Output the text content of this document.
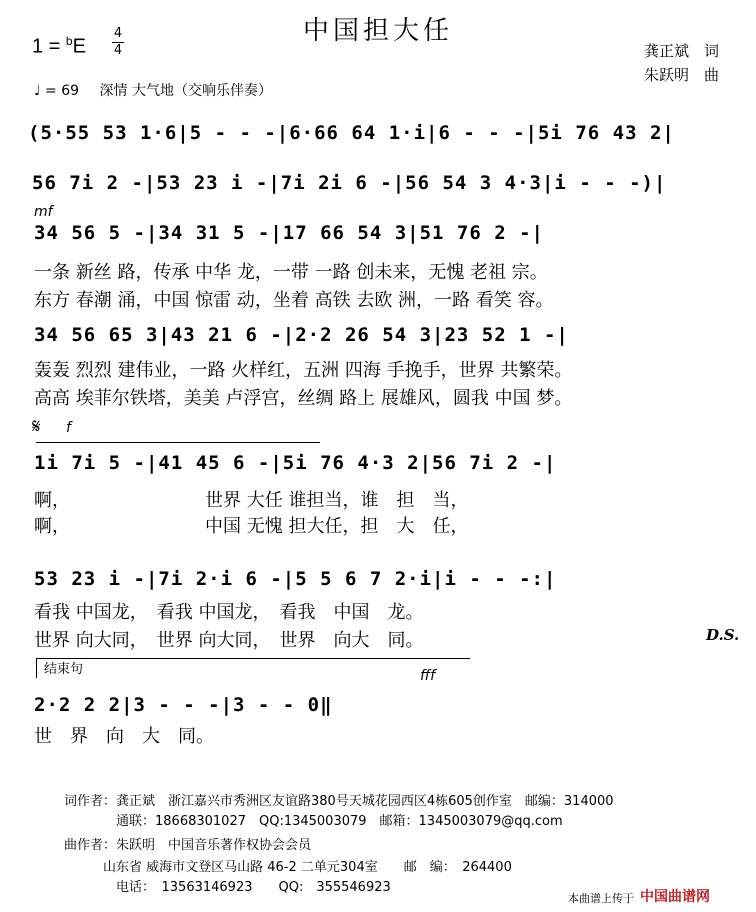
中国担大任
1 = $^b$E
4
4	龚正斌　词
朱跃明　曲
♩ = 69 深情 大气地（交响乐伴奏）
(5·55 53 1·6|5 - - -|6·66 64 1·i|6 - - -|5i 76 43 2|
56 7i 2 -|53 23 i -|7i 2i 6 -|56 54 3 4·3|i - - -)|
mf
34 56 5 -|34 31 5 -|17 66 54 3|51 76 2 -|
一条 新丝 路，传承 中华 龙，一带 一路 创未来，无愧 老祖 宗。
东方 春潮 涌，中国 惊雷 动，坐着 高铁 去欧 洲，一路 看笑 容。
34 56 65 3|43 21 6 -|2·2 26 54 3|23 52 1 -|
轰轰 烈烈 建伟业，一路 火样红，五洲 四海 手挽手，世界 共繁荣。
高高 埃菲尔铁塔，美美 卢浮宫，丝绸 路上 展雄风，圆我 中国 梦。
𝄋 f
1i 7i 5 -|41 45 6 -|5i 76 4·3 2|56 7i 2 -|
啊，　　　　　　　　世界 大任 谁担当，谁　担　当，
啊，　　　　　　　　中国 无愧 担大任，担　大　任，
53 23 i -|7i 2·i 6 -|5 5 6 7 2·i|i - - -:|
看我 中国龙，　看我 中国龙，　看我　中国　龙。
世界 向大同，　世界 向大同，　世界　向大　同。	D.S.
结束句	fff
2·2 2 2|3 - - -|3 - - 0‖
世　界　向　大　同。
词作者：龚正斌　浙江嘉兴市秀洲区友谊路380号天城花园西区4栋605创作室　邮编：314000
　　　　通联：18668301027　QQ:1345003079　邮箱：1345003079@qq.com
曲作者：朱跃明　中国音乐著作权协会会员
　　　山东省 威海市文登区马山路 46-2 二单元304室　　邮　编：　264400
　　　　电话：　13563146923　　QQ:　355546923
本曲谱上传于 中国曲谱网
